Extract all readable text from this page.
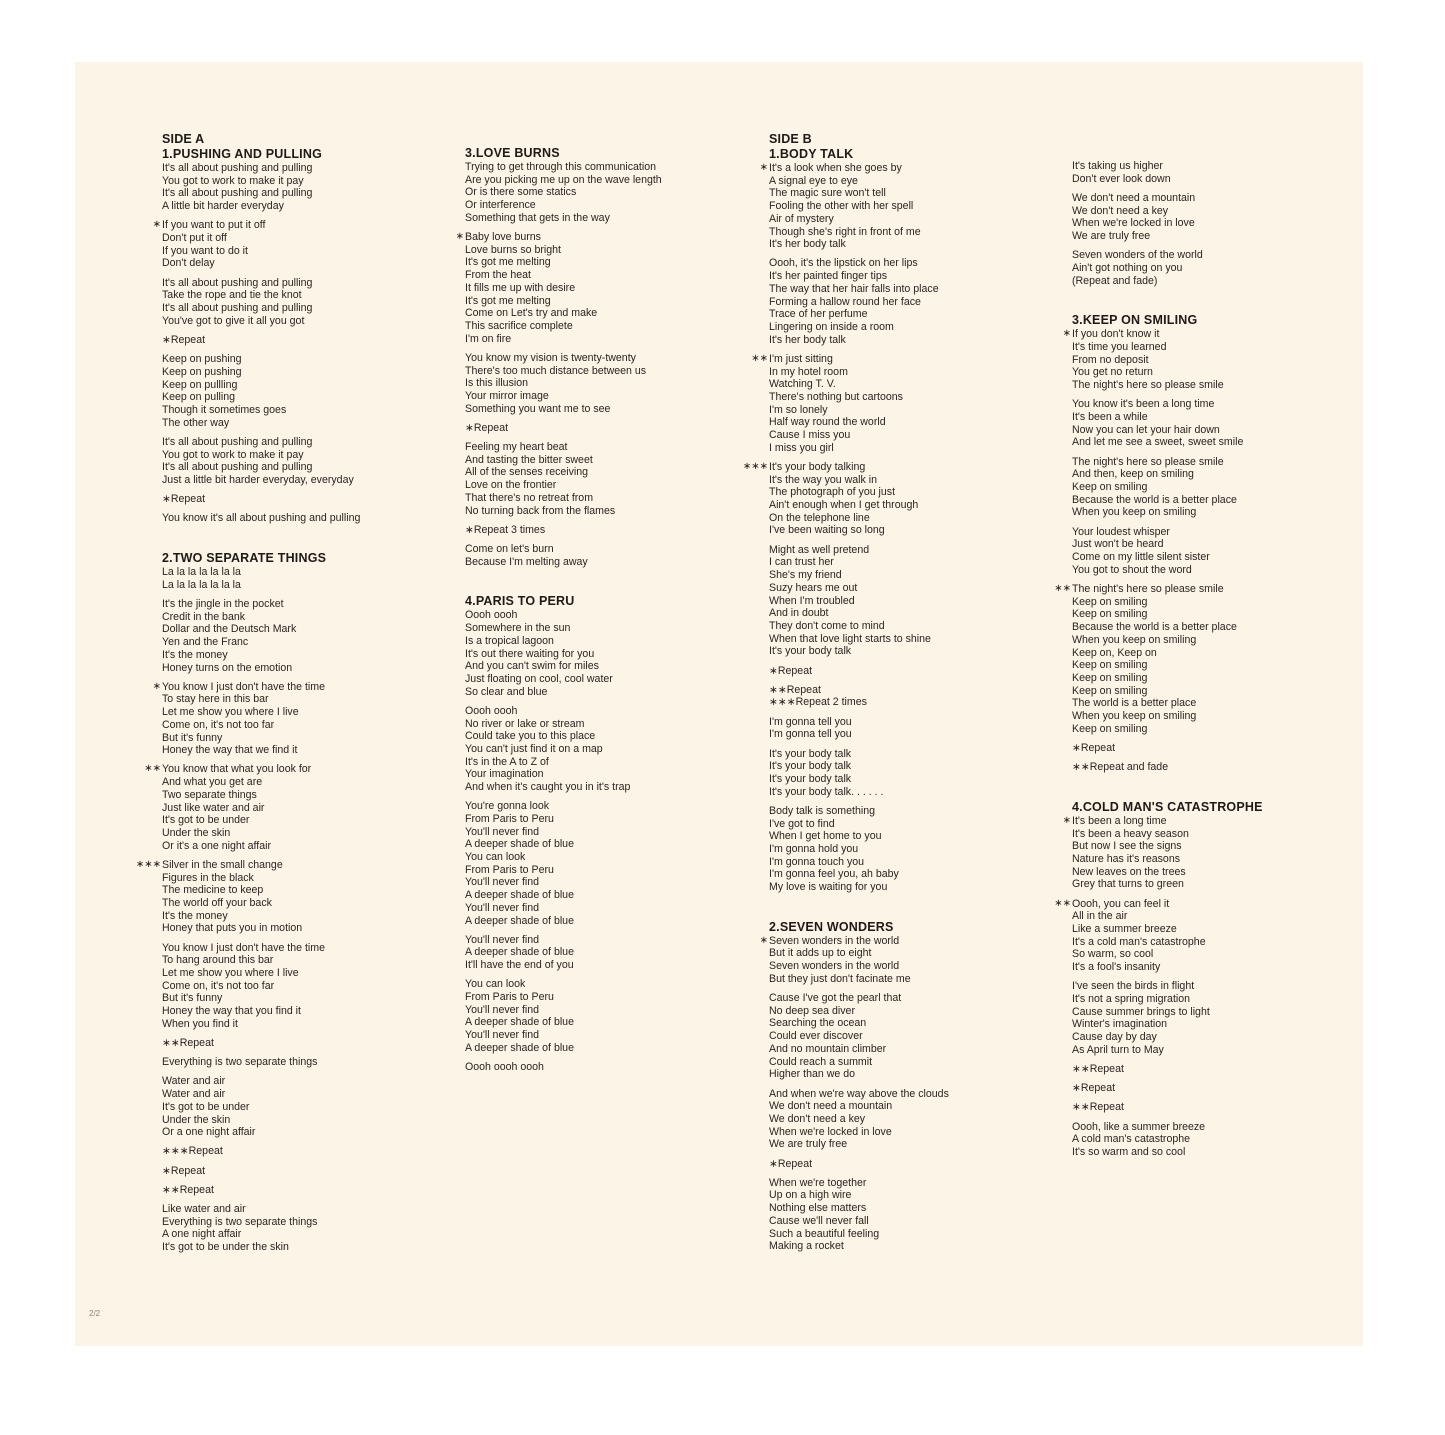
SIDE A
1.PUSHING AND PULLING
It's all about pushing and pulling
You got to work to make it pay
It's all about pushing and pulling
A little bit harder everyday
∗ If you want to put it off
Don't put it off
If you want to do it
Don't delay
It's all about pushing and pulling
Take the rope and tie the knot
It's all about pushing and pulling
You've got to give it all you got
∗Repeat
Keep on pushing
Keep on pushing
Keep on pullling
Keep on pulling
Though it sometimes goes
The other way
It's all about pushing and pulling
You got to work to make it pay
It's all about pushing and pulling
Just a little bit harder everyday, everyday
∗Repeat
You know it's all about pushing and pulling
2.TWO SEPARATE THINGS
La la la la la la la
La la la la la la la
It's the jingle in the pocket
Credit in the bank
Dollar and the Deutsch Mark
Yen and the Franc
It's the money
Honey turns on the emotion
∗ You know I just don't have the time
To stay here in this bar
Let me show you where I live
Come on, it's not too far
But it's funny
Honey the way that we find it
∗∗ You know that what you look for
And what you get are
Two separate things
Just like water and air
It's got to be under
Under the skin
Or it's a one night affair
∗∗∗ Silver in the small change
Figures in the black
The medicine to keep
The world off your back
It's the money
Honey that puts you in motion
You know I just don't have the time
To hang around this bar
Let me show you where I live
Come on, it's not too far
But it's funny
Honey the way that you find it
When you find it
∗∗Repeat
Everything is two separate things
Water and air
Water and air
It's got to be under
Under the skin
Or a one night affair
∗∗∗Repeat
∗Repeat
∗∗Repeat
Like water and air
Everything is two separate things
A one night affair
It's got to be under the skin
3.LOVE BURNS
Trying to get through this communication
Are you picking me up on the wave length
Or is there some statics
Or interference
Something that gets in the way
∗ Baby love burns
Love burns so bright
It's got me melting
From the heat
It fills me up with desire
It's got me melting
Come on Let's try and make
This sacrifice complete
I'm on fire
You know my vision is twenty-twenty
There's too much distance between us
Is this illusion
Your mirror image
Something you want me to see
∗Repeat
Feeling my heart beat
And tasting the bitter sweet
All of the senses receiving
Love on the frontier
That there's no retreat from
No turning back from the flames
∗Repeat 3 times
Come on let's burn
Because I'm melting away
4.PARIS TO PERU
Oooh oooh
Somewhere in the sun
Is a tropical lagoon
It's out there waiting for you
And you can't swim for miles
Just floating on cool, cool water
So clear and blue
Oooh oooh
No river or lake or stream
Could take you to this place
You can't just find it on a map
It's in the A to Z of
Your imagination
And when it's caught you in it's trap
You're gonna look
From Paris to Peru
You'll never find
A deeper shade of blue
You can look
From Paris to Peru
You'll never find
A deeper shade of blue
You'll never find
A deeper shade of blue
You'll never find
A deeper shade of blue
It'll have the end of you
You can look
From Paris to Peru
You'll never find
A deeper shade of blue
You'll never find
A deeper shade of blue
Oooh oooh oooh
SIDE B
1.BODY TALK
∗ It's a look when she goes by
A signal eye to eye
The magic sure won't tell
Fooling the other with her spell
Air of mystery
Though she's right in front of me
It's her body talk
Oooh, it's the lipstick on her lips
It's her painted finger tips
The way that her hair falls into place
Forming a hallow round her face
Trace of her perfume
Lingering on inside a room
It's her body talk
∗∗ I'm just sitting
In my hotel room
Watching T. V.
There's nothing but cartoons
I'm so lonely
Half way round the world
Cause I miss you
I miss you girl
∗∗∗ It's your body talking
It's the way you walk in
The photograph of you just
Ain't enough when I get through
On the telephone line
I've been waiting so long
Might as well pretend
I can trust her
She's my friend
Suzy hears me out
When I'm troubled
And in doubt
They don't come to mind
When that love light starts to shine
It's your body talk
∗Repeat
∗∗Repeat
∗∗∗Repeat 2 times
I'm gonna tell you
I'm gonna tell you
It's your body talk
It's your body talk
It's your body talk
It's your body talk. . . . . .
Body talk is something
I've got to find
When I get home to you
I'm gonna hold you
I'm gonna touch you
I'm gonna feel you, ah baby
My love is waiting for you
2.SEVEN WONDERS
∗ Seven wonders in the world
But it adds up to eight
Seven wonders in the world
But they just don't facinate me
Cause I've got the pearl that
No deep sea diver
Searching the ocean
Could ever discover
And no mountain climber
Could reach a summit
Higher than we do
And when we're way above the clouds
We don't need a mountain
We don't need a key
When we're locked in love
We are truly free
∗Repeat
When we're together
Up on a high wire
Nothing else matters
Cause we'll never fall
Such a beautiful feeling
Making a rocket
It's taking us higher
Don't ever look down
We don't need a mountain
We don't need a key
When we're locked in love
We are truly free
Seven wonders of the world
Ain't got nothing on you
(Repeat and fade)
3.KEEP ON SMILING
∗ If you don't know it
It's time you learned
From no deposit
You get no return
The night's here so please smile
You know it's been a long time
It's been a while
Now you can let your hair down
And let me see a sweet, sweet smile
The night's here so please smile
And then, keep on smiling
Keep on smiling
Because the world is a better place
When you keep on smiling
Your loudest whisper
Just won't be heard
Come on my little silent sister
You got to shout the word
∗∗ The night's here so please smile
Keep on smiling
Keep on smiling
Because the world is a better place
When you keep on smiling
Keep on, Keep on
Keep on smiling
Keep on smiling
Keep on smiling
The world is a better place
When you keep on smiling
Keep on smiling
∗Repeat
∗∗Repeat and fade
4.COLD MAN'S CATASTROPHE
∗ It's been a long time
It's been a heavy season
But now I see the signs
Nature has it's reasons
New leaves on the trees
Grey that turns to green
∗∗ Oooh, you can feel it
All in the air
Like a summer breeze
It's a cold man's catastrophe
So warm, so cool
It's a fool's insanity
I've seen the birds in flight
It's not a spring migration
Cause summer brings to light
Winter's imagination
Cause day by day
As April turn to May
∗∗Repeat
∗Repeat
∗∗Repeat
Oooh, like a summer breeze
A cold man's catastrophe
It's so warm and so cool
2/2
